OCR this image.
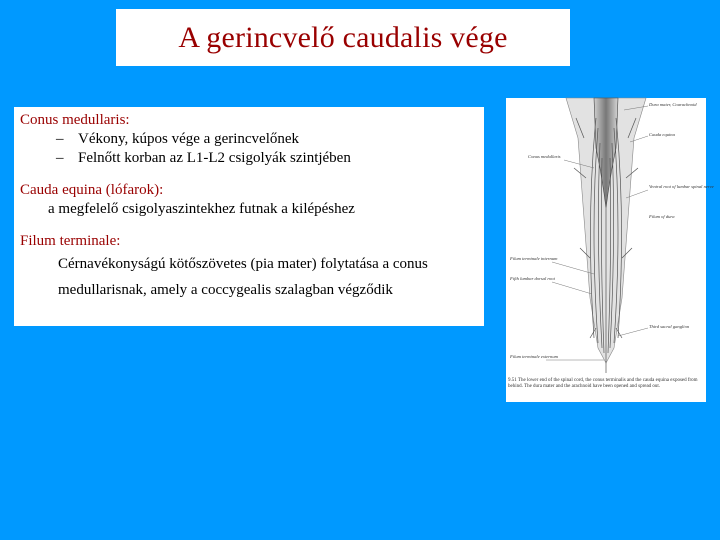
A gerincvelő caudalis vége
Conus medullaris:
– Vékony, kúpos vége a gerincvelőnek
– Felnőtt korban az L1-L2 csigolyák szintjében
Cauda equina (lófarok):
a megfelelő csigolyaszintekhez futnak a kilépéshez
Filum terminale:
Cérnavékonyságú kötőszövetes (pia mater) folytatása a conus
medullarisnak, amely a coccygealis szalagban végződik
Dura mater, Coarachnoid
Cauda equina
Ventral root of lumbar spinal nerve
Third sacral ganglion
Conus medullaris
Filum terminale internum
Fifth lumbar dorsal root
Filum terminale externum
Filum of dura
9.51 The lower end of the spinal cord, the conus terminalis and the cauda equina exposed from behind. The dura mater and the arachnoid have been opened and spread out.
